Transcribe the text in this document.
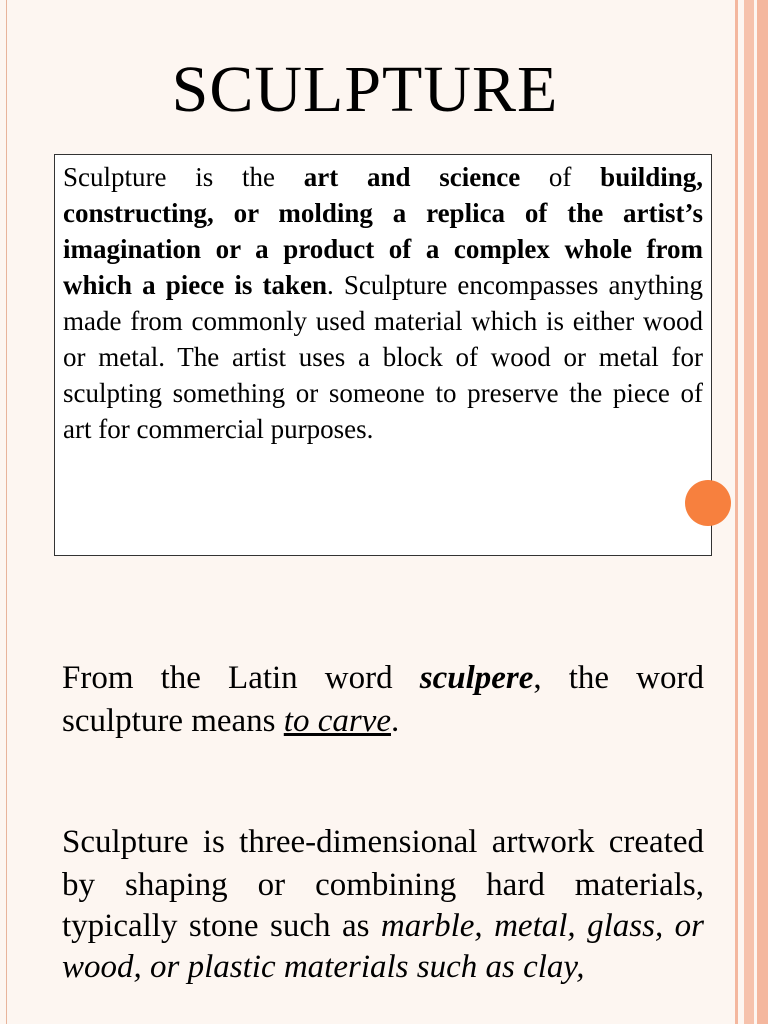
SCULPTURE
Sculpture is the art and science of building, constructing, or molding a replica of the artist’s imagination or a product of a complex whole from which a piece is taken. Sculpture encompasses anything made from commonly used material which is either wood or metal. The artist uses a block of wood or metal for sculpting something or someone to preserve the piece of art for commercial purposes.
From the Latin word sculpere, the word sculpture means to carve.
Sculpture is three-dimensional artwork created by shaping or combining hard materials, typically stone such as marble, metal, glass, or wood, or plastic materials such as clay,
